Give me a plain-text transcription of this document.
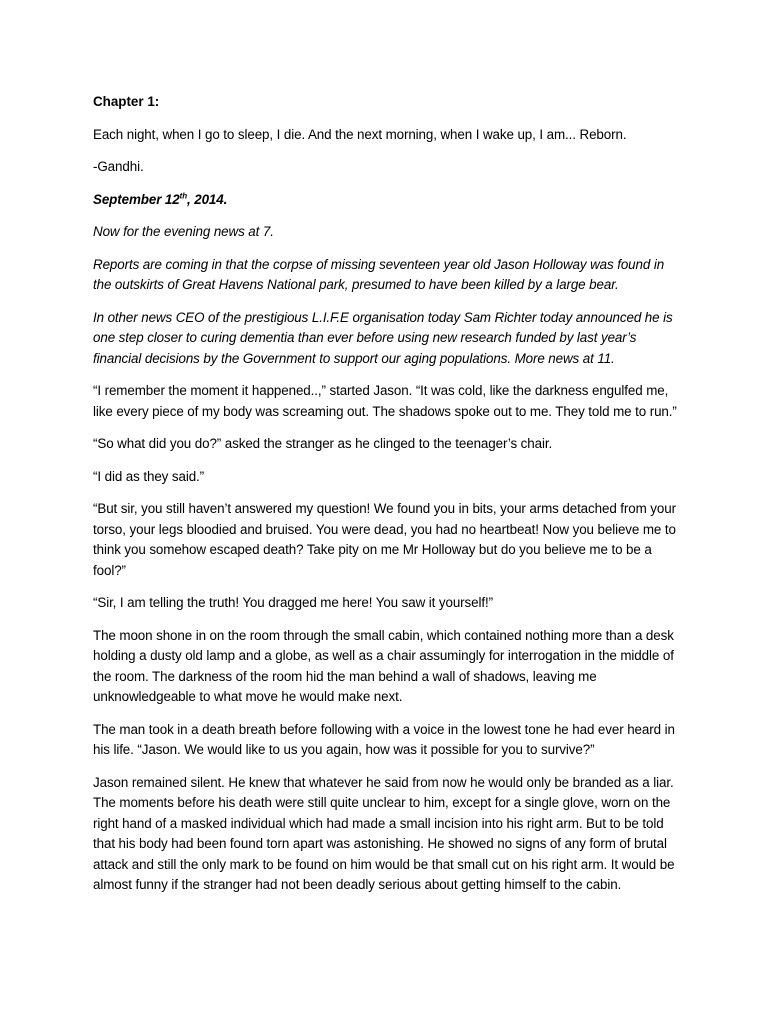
Chapter 1:

Each night, when I go to sleep, I die. And the next morning, when I wake up, I am... Reborn.

-Gandhi.

September 12th, 2014.

Now for the evening news at 7.

Reports are coming in that the corpse of missing seventeen year old Jason Holloway was found in the outskirts of Great Havens National park, presumed to have been killed by a large bear.

In other news CEO of the prestigious L.I.F.E organisation today Sam Richter today announced he is one step closer to curing dementia than ever before using new research funded by last year’s financial decisions by the Government to support our aging populations. More news at 11.

“I remember the moment it happened..,” started Jason. “It was cold, like the darkness engulfed me, like every piece of my body was screaming out. The shadows spoke out to me. They told me to run.”

“So what did you do?” asked the stranger as he clinged to the teenager’s chair.

“I did as they said.”

“But sir, you still haven’t answered my question! We found you in bits, your arms detached from your torso, your legs bloodied and bruised. You were dead, you had no heartbeat! Now you believe me to think you somehow escaped death? Take pity on me Mr Holloway but do you believe me to be a fool?”

“Sir, I am telling the truth! You dragged me here! You saw it yourself!”

The moon shone in on the room through the small cabin, which contained nothing more than a desk holding a dusty old lamp and a globe, as well as a chair assumingly for interrogation in the middle of the room. The darkness of the room hid the man behind a wall of shadows, leaving me unknowledgeable to what move he would make next.

The man took in a death breath before following with a voice in the lowest tone he had ever heard in his life. “Jason. We would like to us you again, how was it possible for you to survive?”

Jason remained silent. He knew that whatever he said from now he would only be branded as a liar. The moments before his death were still quite unclear to him, except for a single glove, worn on the right hand of a masked individual which had made a small incision into his right arm. But to be told that his body had been found torn apart was astonishing. He showed no signs of any form of brutal attack and still the only mark to be found on him would be that small cut on his right arm. It would be almost funny if the stranger had not been deadly serious about getting himself to the cabin.
